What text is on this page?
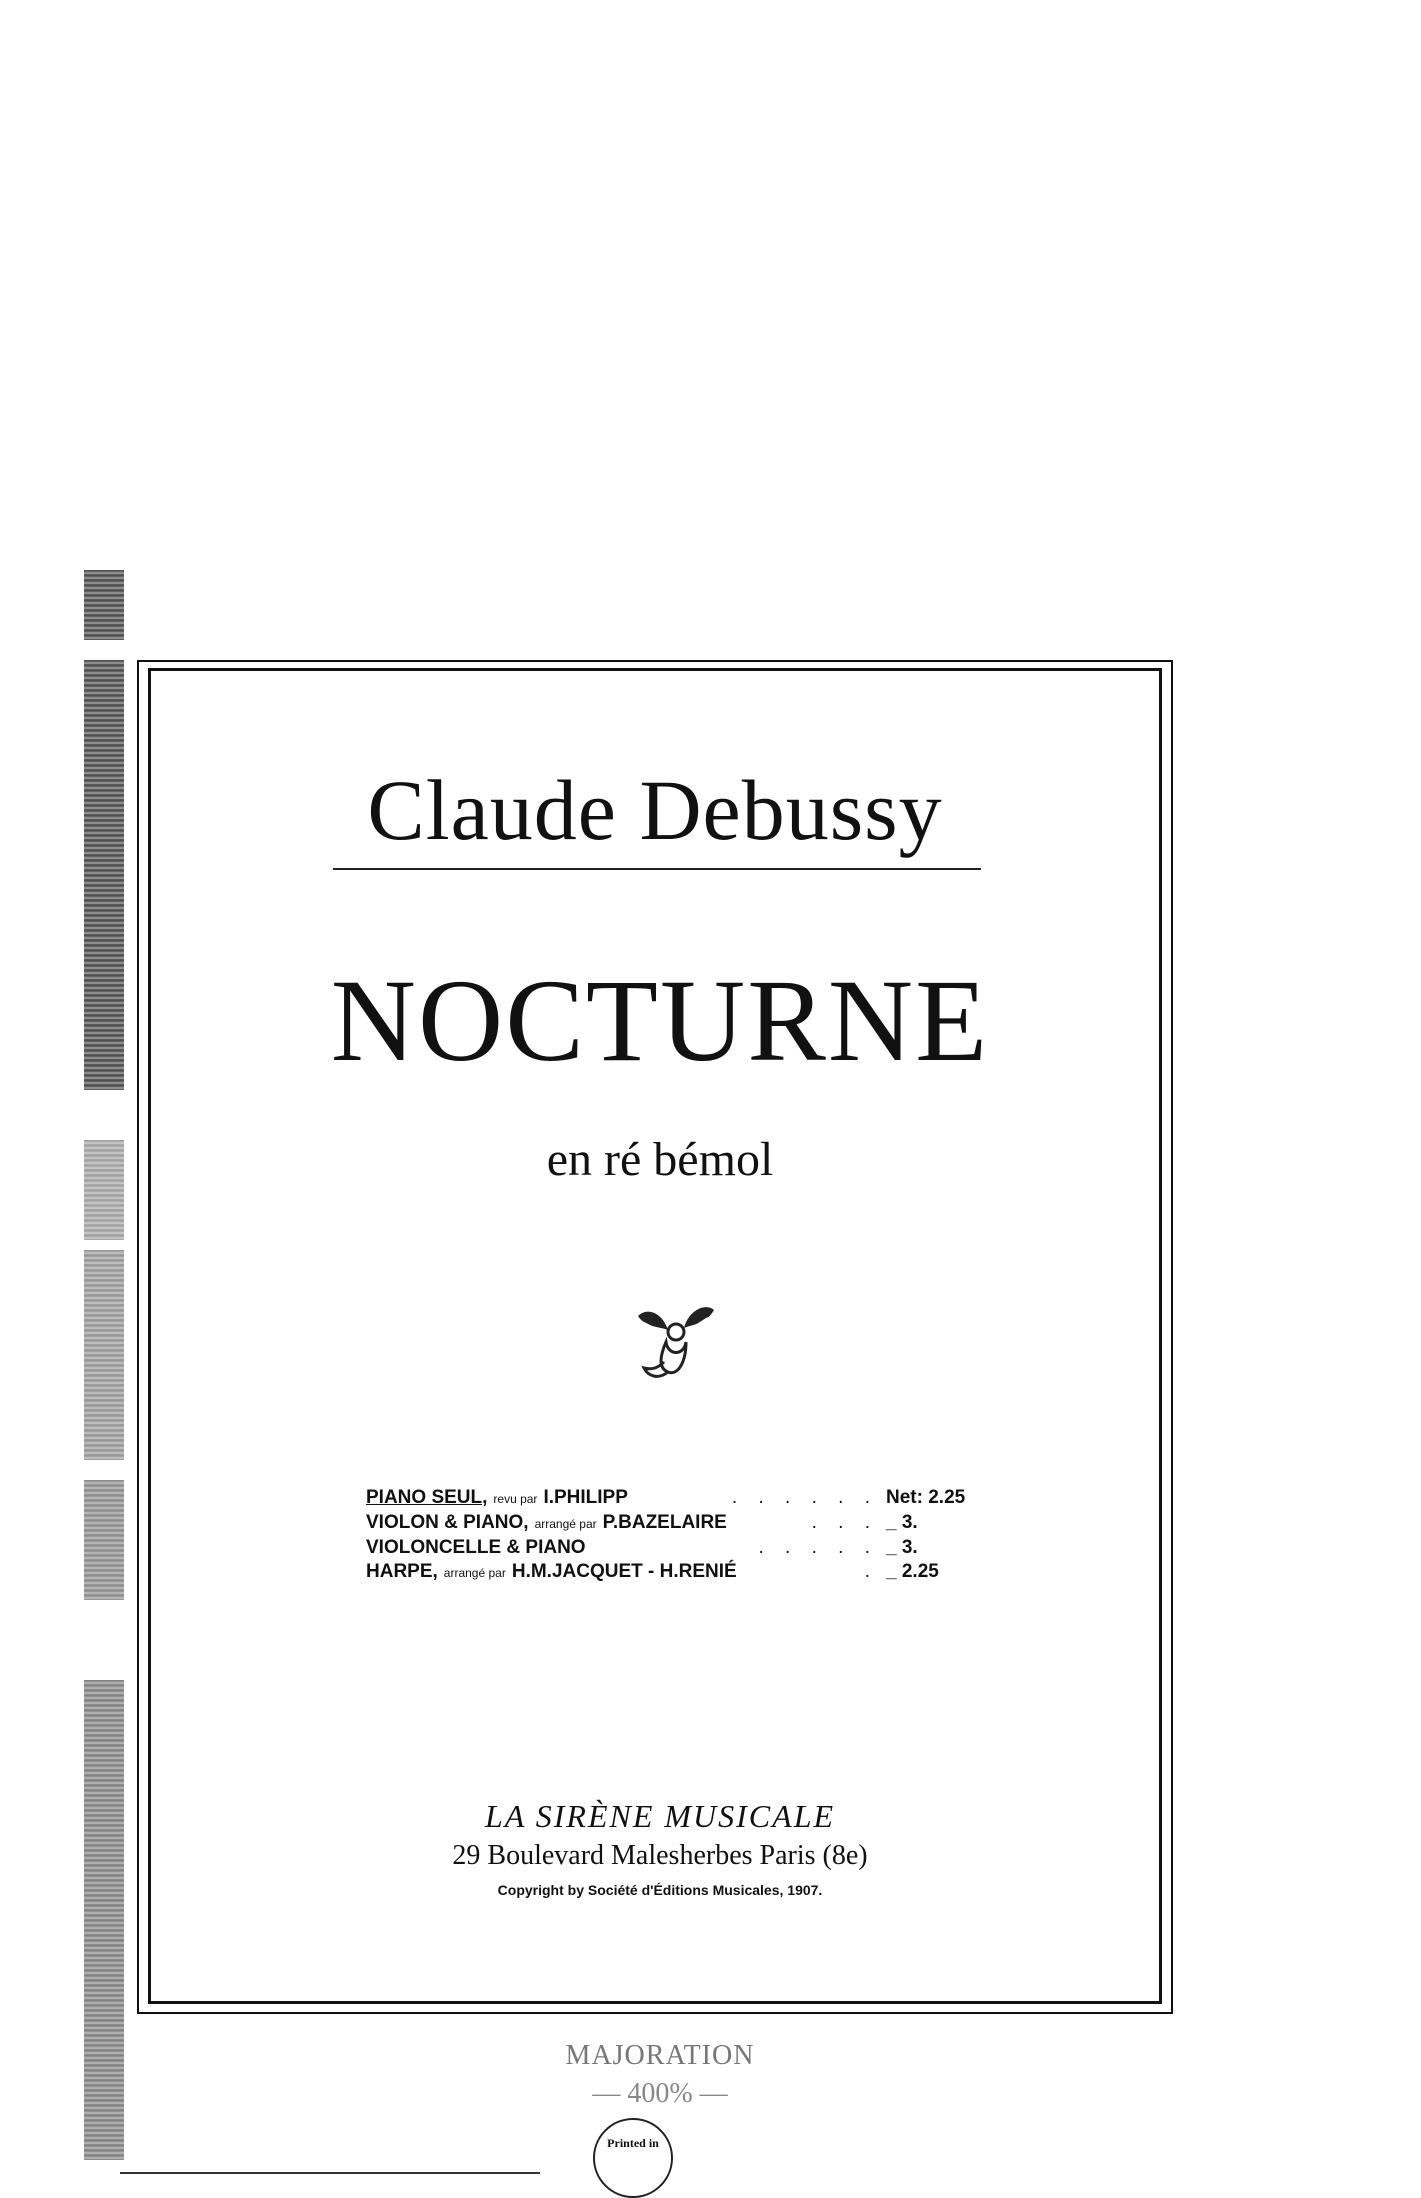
Claude Debussy
NOCTURNE
en ré bémol
PIANO SEUL, revu par I.PHILIPP	. . . . . . Net: 2.25
VIOLON & PIANO, arrangé par P.BAZELAIRE	. . . _ 3.
VIOLONCELLE & PIANO	. . . . . _ 3.
HARPE, arrangé par H.M.JACQUET - H.RENIÉ	. _ 2.25
LA SIRÈNE MUSICALE
29 Boulevard Malesherbes Paris (8e)
Copyright by Société d'Éditions Musicales, 1907.
MAJORATION
— 400% —
Printed in
